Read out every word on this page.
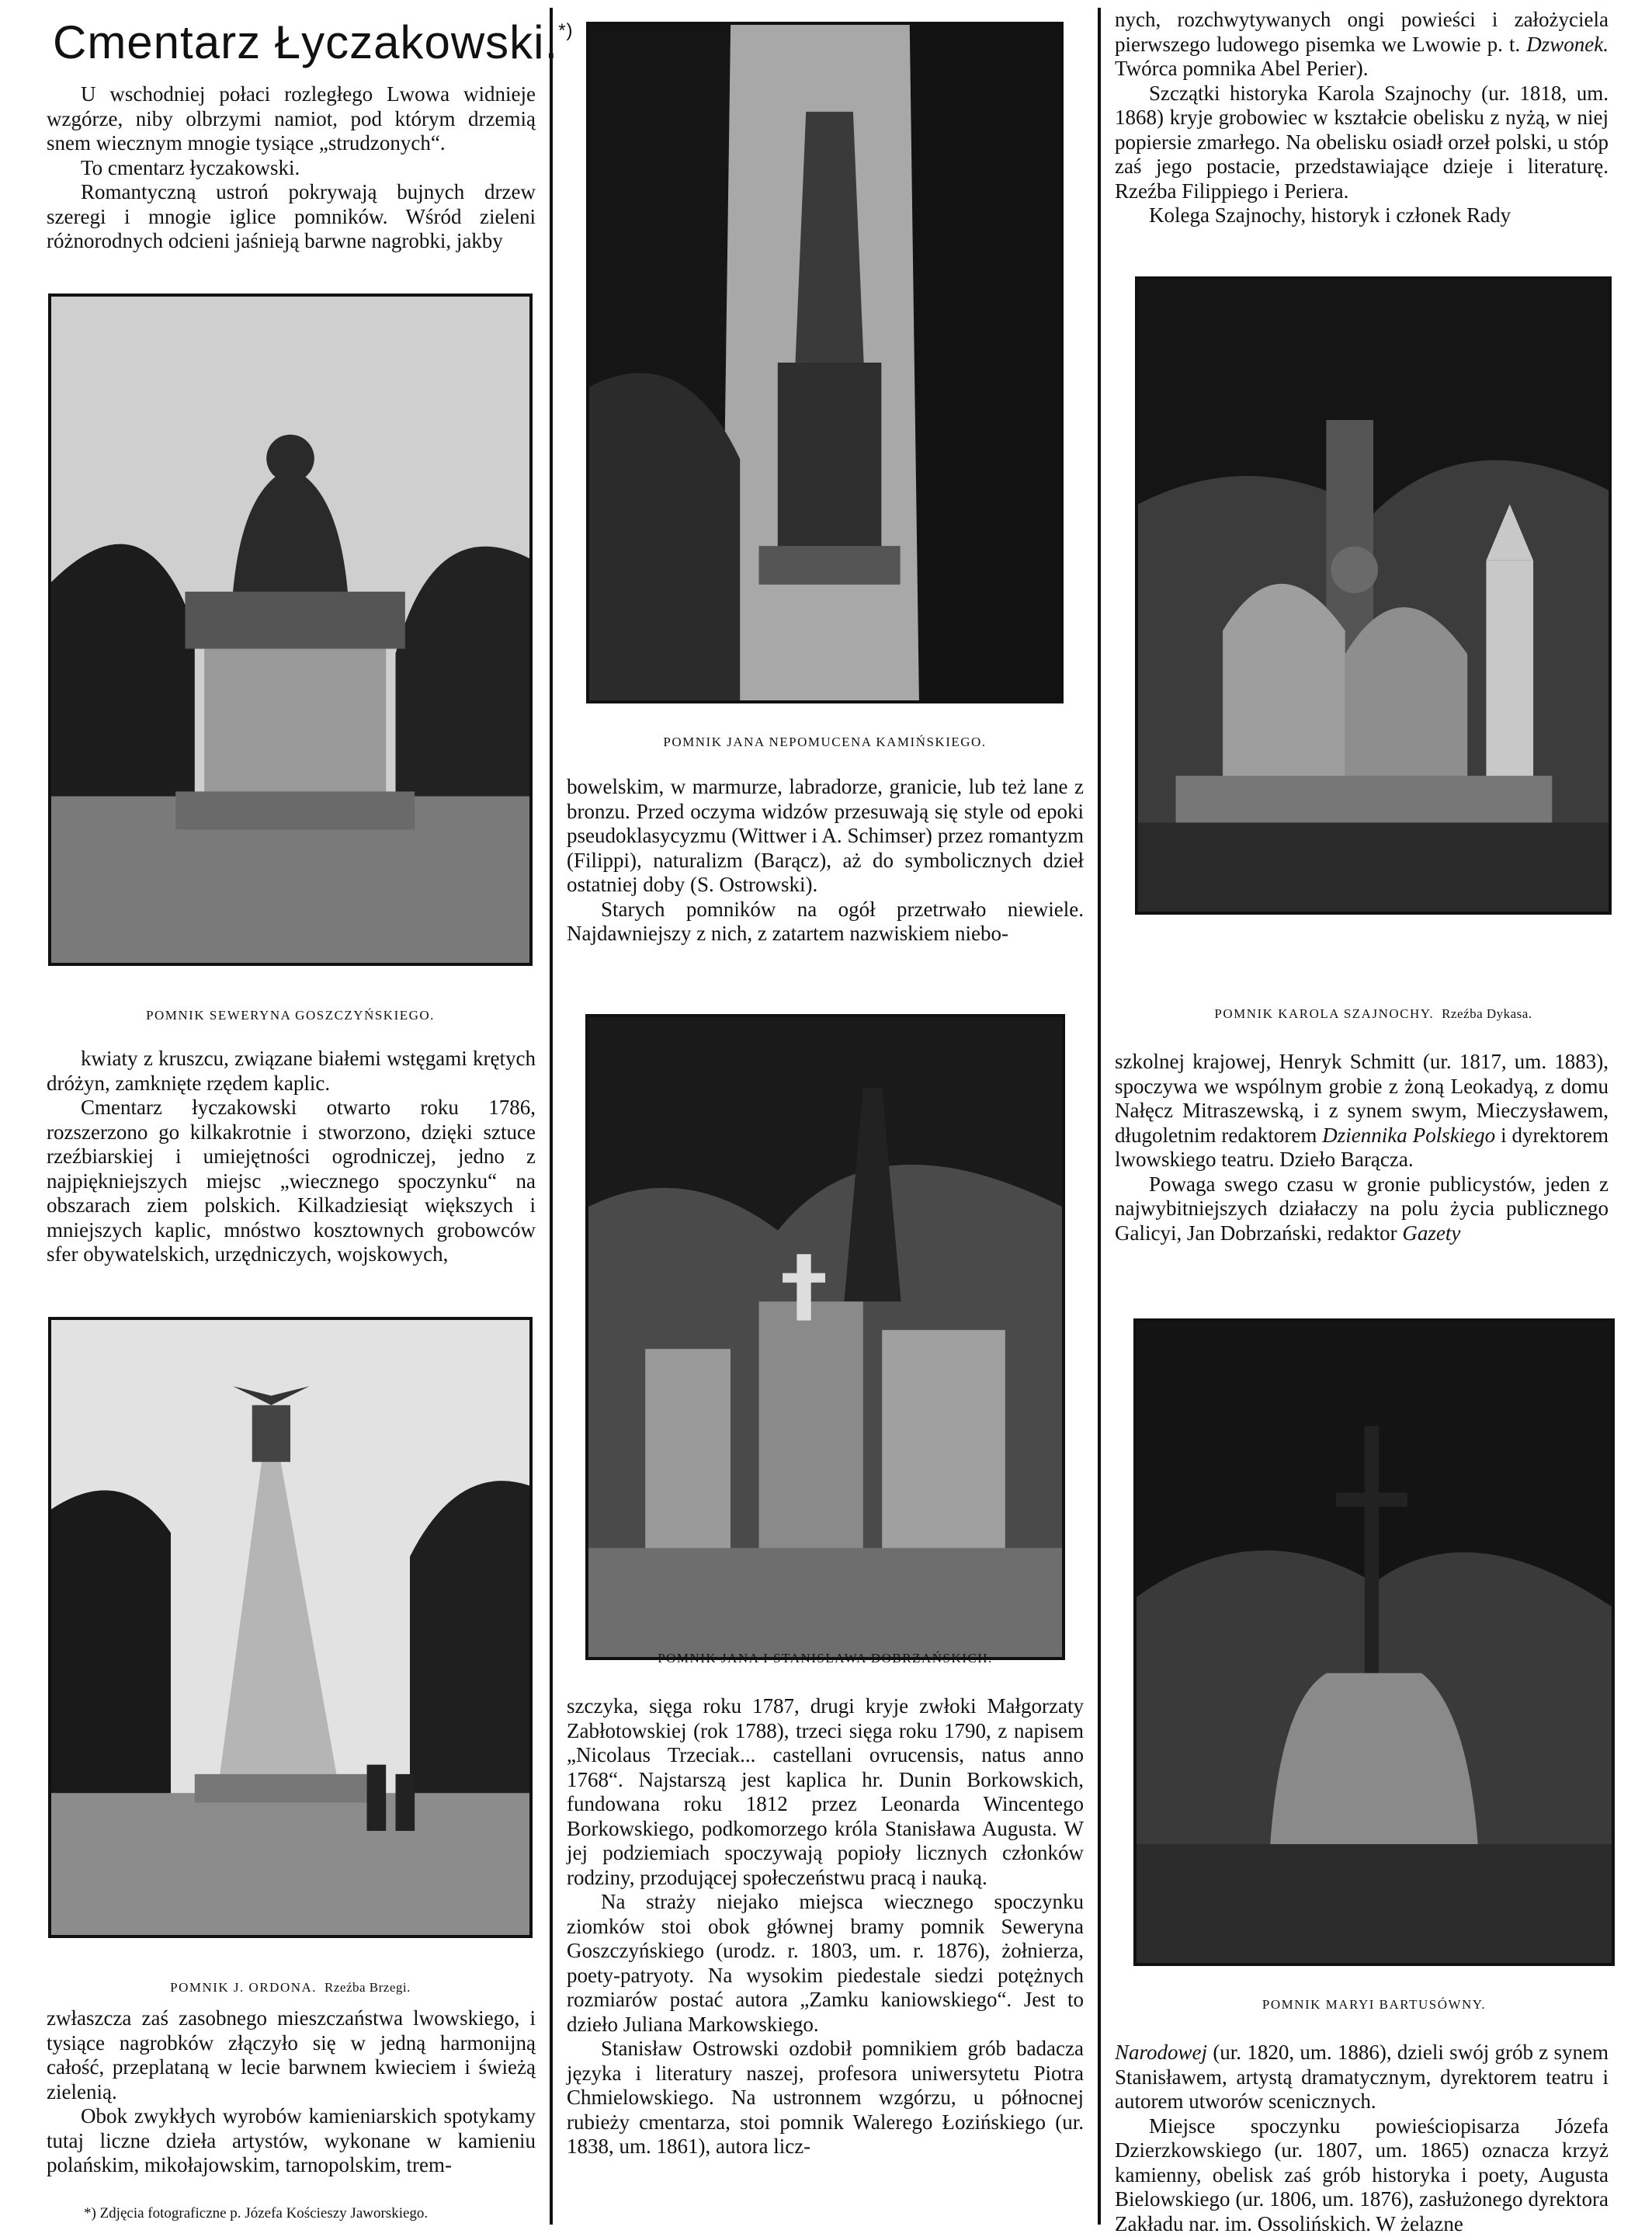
Cmentarz Łyczakowski.*)

U wschodniej połaci rozległego Lwowa widnieje wzgórze, niby olbrzymi namiot, pod którym drzemią snem wiecznym mnogie tysiące „strudzonych“.

To cmentarz łyczakowski.

Romantyczną ustroń pokrywają bujnych drzew szeregi i mnogie iglice pomników. Wśród zieleni różnorodnych odcieni jaśnieją barwne nagrobki, jakby

POMNIK SEWERYNA GOSZCZYŃSKIEGO.

kwiaty z kruszcu, związane białemi wstęgami krętych dróżyn, zamknięte rzędem kaplic.

Cmentarz łyczakowski otwarto roku 1786, rozszerzono go kilkakrotnie i stworzono, dzięki sztuce rzeźbiarskiej i umiejętności ogrodniczej, jedno z najpiękniejszych miejsc „wiecznego spoczynku“ na obszarach ziem polskich. Kilkadziesiąt większych i mniejszych kaplic, mnóstwo kosztownych grobowców sfer obywatelskich, urzędniczych, wojskowych,

POMNIK J. ORDONA. Rzeźba Brzegi.

zwłaszcza zaś zasobnego mieszczaństwa lwowskiego, i tysiące nagrobków złączyło się w jedną harmonijną całość, przeplataną w lecie barwnem kwieciem i świeżą zielenią.

Obok zwykłych wyrobów kamieniarskich spotykamy tutaj liczne dzieła artystów, wykonane w kamieniu polańskim, mikołajowskim, tarnopolskim, trem-

*) Zdjęcia fotograficzne p. Józefa Kościeszy Jaworskiego.
POMNIK JANA NEPOMUCENA KAMIŃSKIEGO.

bowelskim, w marmurze, labradorze, granicie, lub też lane z bronzu. Przed oczyma widzów przesuwają się style od epoki pseudoklasycyzmu (Wittwer i A. Schimser) przez romantyzm (Filippi), naturalizm (Barącz), aż do symbolicznych dzieł ostatniej doby (S. Ostrowski).

Starych pomników na ogół przetrwało niewiele. Najdawniejszy z nich, z zatartem nazwiskiem niebo-

POMNIK JANA I STANISŁAWA DOBRZAŃSKICH.

szczyka, sięga roku 1787, drugi kryje zwłoki Małgorzaty Zabłotowskiej (rok 1788), trzeci sięga roku 1790, z napisem „Nicolaus Trzeciak... castellani ovrucensis, natus anno 1768“. Najstarszą jest kaplica hr. Dunin Borkowskich, fundowana roku 1812 przez Leonarda Wincentego Borkowskiego, podkomorzego króla Stanisława Augusta. W jej podziemiach spoczywają popioły licznych członków rodziny, przodującej społeczeństwu pracą i nauką.

Na straży niejako miejsca wiecznego spoczynku ziomków stoi obok głównej bramy pomnik Seweryna Goszczyńskiego (urodz. r. 1803, um. r. 1876), żołnierza, poety-patryoty. Na wysokim piedestale siedzi potężnych rozmiarów postać autora „Zamku kaniowskiego“. Jest to dzieło Juliana Markowskiego.

Stanisław Ostrowski ozdobił pomnikiem grób badacza języka i literatury naszej, profesora uniwersytetu Piotra Chmielowskiego. Na ustronnem wzgórzu, u północnej rubieży cmentarza, stoi pomnik Walerego Łozińskiego (ur. 1838, um. 1861), autora licz-

nych, rozchwytywanych ongi powieści i założyciela pierwszego ludowego pisemka we Lwowie p. t. Dzwonek. Twórca pomnika Abel Perier).

Szczątki historyka Karola Szajnochy (ur. 1818, um. 1868) kryje grobowiec w kształcie obelisku z nyżą, w niej popiersie zmarłego. Na obelisku osiadł orzeł polski, u stóp zaś jego postacie, przedstawiające dzieje i literaturę. Rzeźba Filippiego i Periera.

Kolega Szajnochy, historyk i członek Rady

POMNIK KAROLA SZAJNOCHY. Rzeźba Dykasa.

szkolnej krajowej, Henryk Schmitt (ur. 1817, um. 1883), spoczywa we wspólnym grobie z żoną Leokadyą, z domu Nałęcz Mitraszewską, i z synem swym, Mieczysławem, długoletnim redaktorem Dziennika Polskiego i dyrektorem lwowskiego teatru. Dzieło Barącza.

Powaga swego czasu w gronie publicystów, jeden z najwybitniejszych działaczy na polu życia publicznego Galicyi, Jan Dobrzański, redaktor Gazety

POMNIK MARYI BARTUSÓWNY.

Narodowej (ur. 1820, um. 1886), dzieli swój grób z synem Stanisławem, artystą dramatycznym, dyrektorem teatru i autorem utworów scenicznych.

Miejsce spoczynku powieściopisarza Józefa Dzierzkowskiego (ur. 1807, um. 1865) oznacza krzyż kamienny, obelisk zaś grób historyka i poety, Augusta Bielowskiego (ur. 1806, um. 1876), zasłużonego dyrektora Zakładu nar. im. Ossolińskich. W żelazne
